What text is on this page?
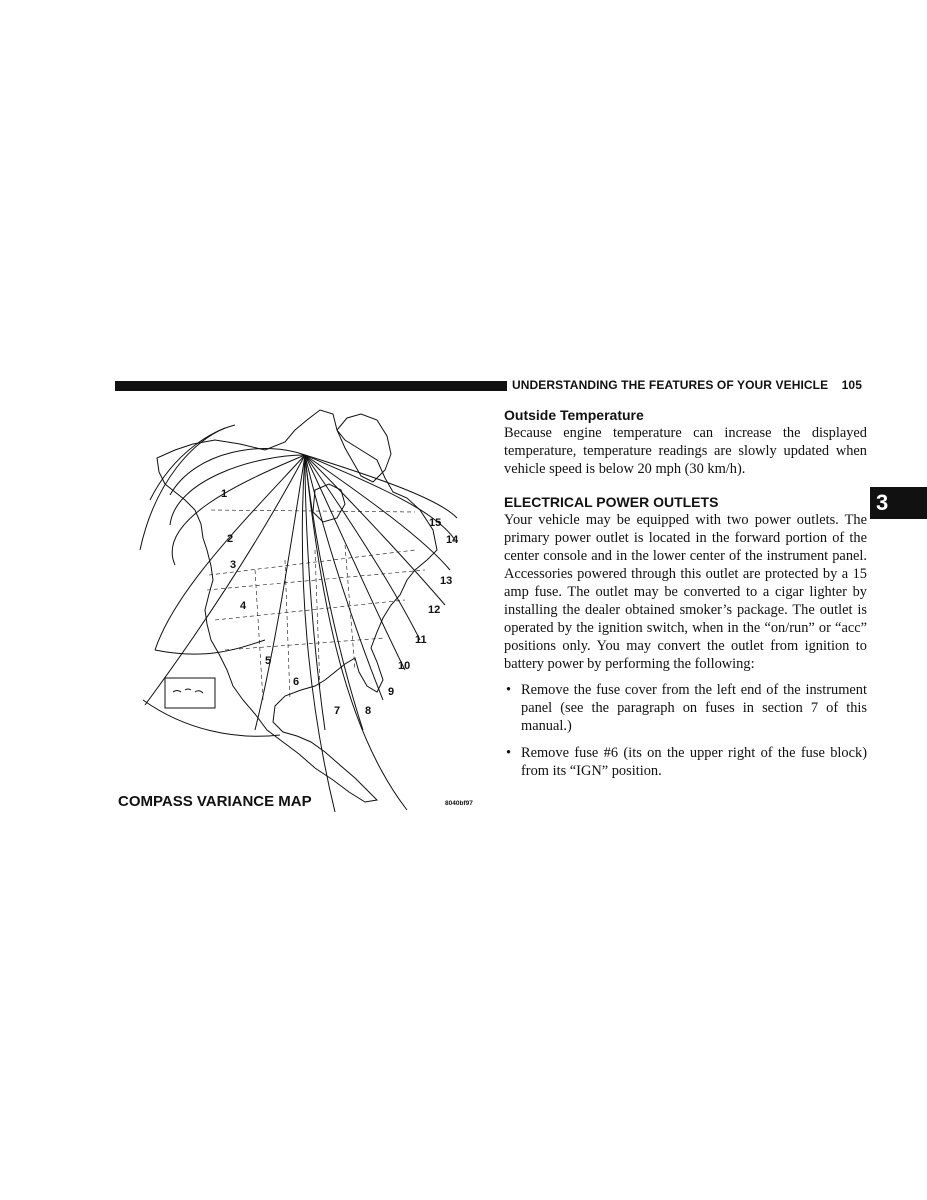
UNDERSTANDING THE FEATURES OF YOUR VEHICLE 105
3
1
2
3
4
5
6
7 8
9
10
11
12
13
14
15
COMPASS VARIANCE MAP	8040bf97
Outside Temperature

Because engine temperature can increase the displayed temperature, temperature readings are slowly updated when vehicle speed is below 20 mph (30 km/h).

ELECTRICAL POWER OUTLETS

Your vehicle may be equipped with two power outlets. The primary power outlet is located in the forward portion of the center console and in the lower center of the instrument panel. Accessories powered through this outlet are protected by a 15 amp fuse. The outlet may be converted to a cigar lighter by installing the dealer obtained smoker’s package. The outlet is operated by the ignition switch, when in the “on/run” or “acc” positions only. You may convert the outlet from ignition to battery power by performing the following:

• Remove the fuse cover from the left end of the instrument panel (see the paragraph on fuses in section 7 of this manual.)
• Remove fuse #6 (its on the upper right of the fuse block) from its “IGN” position.
